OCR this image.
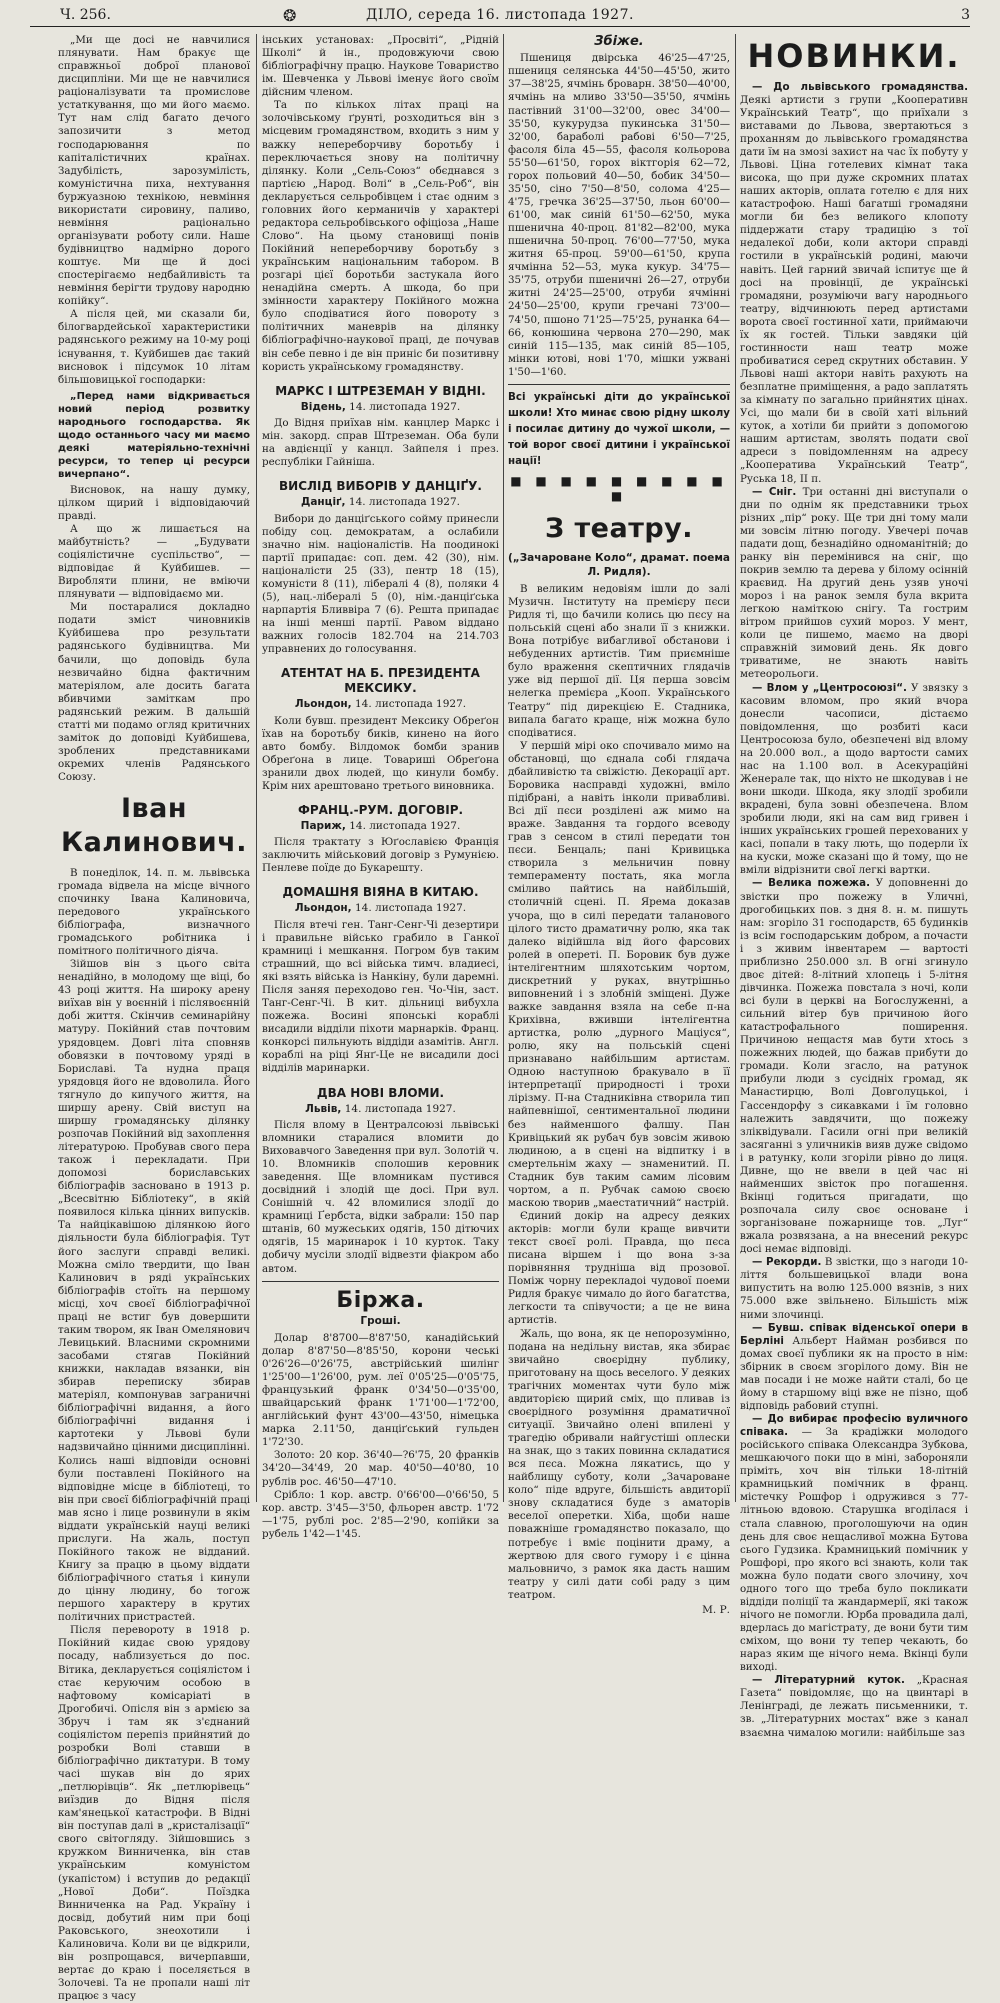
Ч. 256.	❂	ДІЛО, середа 16. листопада 1927.	3

„Ми ще досі не навчилися плянувати. Нам бракує ще справжньої доброї планової дисципліни. Ми ще не навчилися раціоналізувати та промислове устаткування, що ми його маємо. Тут нам слід багато дечого запозичити з метод господарювання по капіталістичних країнах. Задубілість, зарозумілість, комуністична пиха, нехтування буржуазною технікою, невміння використати сировину, паливо, невміння раціонально організувати роботу сили. Наше будівництво надмірно дорого коштує. Ми ще й досі спостерігаємо недбайливість та невміння берігти трудову народню копійку“.

А після цей, ми сказали би, білогвардейської характеристики радянського режиму на 10-му році існування, т. Куйбишев дає такий висновок і підсумок 10 літам більшовицької господарки:

„Перед нами відкривається новий період розвитку народнього господарства. Як щодо останнього часу ми маємо деякі матеріяльно-технічні ресурси, то тепер ці ресурси вичерпано“.

Висновок, на нашу думку, цілком щирий і відповідаючий правді.

А що ж лишається на майбутність? — „Будувати соціялістичне суспільство“, — відповідає й Куйбишев. — Виробляти плини, не вміючи плянувати — відповідаємо ми.

Ми постаралися докладно подати зміст чиновників Куйбишева про результати радянського будівництва. Ми бачили, що доповідь була незвичайно бідна фактичним матеріялом, але досить багата вбивчими заміткам про радянський режим. В дальшій статті ми подамо огляд критичних заміток до доповіді Куйбишева, зроблених представниками окремих членів Радянського Союзу.

Іван Калинович.

В понеділок, 14. п. м. львівська громада відвела на місце вічного спочинку Івана Калиновича, передового українського бібліографа, визначного громадського робітника і помітного політичного діяча.

Зійшов він з цього світа ненадійно, в молодому ще віці, бо 43 році життя. На широку арену виїхав він у воєнній і післявоєнній добі життя. Скінчив семинарійну матуру. Покійний став почтовим урядовцем. Довгі літа сповняв обовязки в почтовому уряді в Бориславі. Та нудна праця урядовця його не вдоволила. Його тягнуло до кипучого життя, на ширшу арену. Свій виступ на ширшу громадянську ділянку розпочав Покійний від захоплення літературою. Пробував свого пера також і перекладати. При допомозі бориславських бібліографів засновано в 1913 р. „Всесвітню Бібліотеку“, в якій появилося кілька цінних випусків. Та найцікавішою ділянкою його діяльности була бібліографія. Тут його заслуги справді великі. Можна сміло твердити, що Іван Калинович в ряді українських бібліографів стоїть на першому місці, хоч своєї бібліографічної праці не встиг був довершити таким твором, як Іван Омелянович Левицький. Власними скромними засобами стягав Покійний книжки, накладав вязанки, він збирав переписку збирав матеріял, компонував заграничні бібліографічні видання, а його бібліографічні видання і картотеки у Львові були надзвичайно цінними дисциплінні. Колись наші відповіди основні були поставлені Покійного на відповідне місце в бібліотеці, то він при своєї бібліографічній праці мав ясно і лице розвинули в якім віддати українській науці великі прислуги. На жаль, поступ Покійного також не відданий. Книгу за працю в цьому віддати бібліографічного статья і кинули до цінну людину, бо тогож першого характеру в крутих політичних пристрастей.

Після перевороту в 1918 р. Покійний кидає свою урядову посаду, наблизується до пос. Вітика, декларується соціялістом і стає керуючим особою в нафтовому комісаріаті в Дрогобичі. Опісля він з армією за Збруч і там як з'єднаний соціялістом перепіз прийнятий до розробки Волі ставши в бібліографічно диктатури. В тому часі шукав він до ярих „петлюрівців“. Як „петлюрівець“ виїздив до Відня після кам'янецької катастрофи. В Відні він поступав далі в „кристалізації“ свого світогляду. Зійшовшись з кружком Винниченка, він став українським комуністом (укапістом) і вступив до редакції „Нової Доби“. Поїздка Винниченка на Рад. Україну і досвід, добутий ним при боці Раковського, знеохотили і Калиновича. Коли ви це відкрили, він розпрощався, вичерпавши, вертає до краю і поселяється в Золочеві. Та не пропали наші літ працює з часу

інських установах: „Просвіті“, „Рідній Школі“ й ін., продовжуючи свою бібліографічну працю. Наукове Товариство ім. Шевченка у Львові іменує його своїм дійсним членом.

Та по кількох літах праці на золочівському ґрунті, розходиться він з місцевим громадянством, входить з ним у важку непереборчиву боротьбу і переключається знову на політичну ділянку. Коли „Сель-Союз“ обєднався з партією „Народ. Волі“ в „Сель-Роб“, він декларується сельробівцем і стає одним з головних його керманичів у характері редактора сельробівського офіціоза „Наше Слово“. На цьому становищі понів Покійний непереборчиву боротьбу з українським національним табором. В розгарі цієї боротьби застукала його ненадійна смерть. А шкода, бо при змінности характеру Покійного можна було сподіватися його повороту з політичних маневрів на ділянку бібліографічно-наукової праці, де почував він себе певно і де він приніс би позитивну користь українському громадянству.

МАРКС І ШТРЕЗЕМАН У ВІДНІ.
Відень, 14. листопада 1927.

До Відня приїхав нім. канцлер Маркс і мін. закорд. справ Штреземан. Оба були на авдієнції у канцл. Зайпеля і през. республіки Гайніша.

ВИСЛІД ВИБОРІВ У ДАНЦІҐУ.
Данціґ, 14. листопада 1927.

Вибори до данціґського сойму принесли побіду соц. демократам, а ослабили значно нім. націоналістів. На поодинокі партії припадає: соп. дем. 42 (30), нім. націоналісти 25 (33), пентр 18 (15), комуністи 8 (11), лібералі 4 (8), поляки 4 (5), нац.-лібералі 5 (0), нім.-данціґська нарпартія Бливвіра 7 (6). Решта припадає на інші менші партії. Равом віддано важних голосів 182.704 на 214.703 управнених до голосування.

АТЕНТАТ НА Б. ПРЕЗИДЕНТА МЕКСИКУ.
Льондон, 14. листопада 1927.

Коли бувш. президент Мексику Обреґон їхав на боротьбу биків, кинено на його авто бомбу. Вілдомок бомби зранив Обреґона в лице. Товариші Обреґона зранили двох людей, що кинули бомбу. Крім них арештовано третього виновника.

ФРАНЦ.-РУМ. ДОГОВІР.
Париж, 14. листопада 1927.

Після трактату з Юґославією Франція заключить мійськовий договір з Румунією. Пенлеве поїде до Букарешту.

ДОМАШНЯ ВІЯНА В КИТАЮ.
Льондон, 14. листопада 1927.

Після втечі ген. Танг-Сенг-Чі дезертири і правильне військо грабило в Ганкої крамниці і мешкання. Погром був таким страшний, що всі війська тимч. владиесі, які взять війська із Нанкіну, були даремні. Після заняя переходово ген. Чо-Чін, заст. Танг-Сенг-Чі. В кит. дільниці вибухла пожежа. Восині японські кораблі висадили відділи піхоти марнарків. Франц. конкорсі пильнують віддіди азамітів. Англ. кораблі на ріці Янґ-Це не висадили досі відділів маринарки.

ДВА НОВІ ВЛОМИ.
Львів, 14. листопада 1927.

Після влому в Централсоюзі львівські вломники старалися вломити до Виховавчого Заведення при вул. Золотій ч. 10. Вломників сполошив керовник заведення. Ще вломникам пустився досвідний і злодій ще досі. При вул. Сонішній ч. 42 вломилися злодії до крамниці Ґербста, відки забрали: 150 пар штанів, 60 мужеських одягів, 150 дітючих одягів, 15 маринарок і 10 курток. Таку добичу мусіли злодії відвезти фіакром або автом.

Біржа.
Гроші.

Долар 8'8700—8'87'50, канадійський долар 8'87'50—8'85'50, корони чеські 0'26'26—0'26'75, австрійський шилінг 1'25'00—1'26'00, рум. леї 0'05'25—0'05'75, французький франк 0'34'50—0'35'00, швайцарський франк 1'71'00—1'72'00, англійський фунт 43'00—43'50, німецька марка 2.11'50, данціґський гульден 1'72'30.

Золото: 20 кор. 36'40—?6'75, 20 франків 34'20—34'49, 20 мар. 40'50—40'80, 10 рублів рос. 46'50—47'10.

Срібло: 1 кор. австр. 0'66'00—0'66'50, 5 кор. австр. 3'45—3'50, фльорен австр. 1'72—1'75, рублі рос. 2'85—2'90, копійки за рубель 1'42—1'45.

Збіже.

Пшениця двірська 46'25—47'25, пшениця селянська 44'50—45'50, житo 37—38'25, ячмінь броварн. 38'50—40'00, ячмінь на мливо 33'50—35'50, ячмінь пастівний 31'00—32'00, овес 34'00—35'50, кукурудза пукинська 31'50—32'00, бараболі рабові 6'50—7'25, фасоля біла 45—55, фасоля кольорова 55'50—61'50, горох віктгорія 62—72, горох польовий 40—50, бобик 34'50—35'50, сіно 7'50—8'50, солома 4'25—4'75, гречка 36'25—37'50, льон 60'00—61'00, мак синій 61'50—62'50, мука пшенична 40-проц. 81'82—82'00, мука пшенична 50-проц. 76'00—77'50, мука житня 65-проц. 59'00—61'50, крупа ячмінна 52—53, мука кукур. 34'75—35'75, отруби пшеничні 26—27, отруби житні 24'25—25'00, отруби ячмінні 24'50—25'00, крупи гречані 73'00—74'50, пшоно 71'25—75'25, рунанка 64—66, конюшина червона 270—290, мак синій 115—135, мак синій 85—105, мінки ютові, нові 1'70, мішки ужвані 1'50—1'60.

Всі українські діти до української школи! Хто минає свою рідну школу і посилає дитину до чужої школи, — той ворог своєї дитини і української нації!
■ ■ ■ ■ ■ ■ ■ ■ ■ ■
З театру.
(„Зачароване Коло“, драмат. поема Л. Ридля).

В великим недовіям ішли до залі Музичн. Інституту на премієру пєси Ридля ті, що бачили колись цю пєсу на польській сцені або знали її з книжки. Вона потрібує вибагливої обстанови і небуденних артистів. Тим приємніше було враження скептичних глядачів уже від першої дії. Ця перша зовсім нелегка премієра „Кооп. Українського Театру“ під дирекцією Е. Стадника, випала багато краще, ніж можна було сподіватися.

У першій мірі око спочивало мимо на обстановці, що єднала собі глядача дбайливістю та свіжістю. Декорації арт. Боровика насправді художні, вміло підібрані, а навіть інколи привабливі. Всі дії пєси розділені аж мимо на враже. Завдання та гордого всеводу грав з сенсом в стилі передати тон пєси. Бенцаль; пані Кривицька створила з мельничин повну темпераменту постать, яка могла сміливо пайтись на найбільшій, столичній сцені. П. Ярема доказав учора, що в силі передати таланового цілого тисто драматичну ролю, яка так далеко відійшла від його фарсових ролей в опереті. П. Боровик був дуже інтелігентним шляхотським чортом, дискретний у руках, внутрішньо виповнений і з злобній зміщені. Дуже важке завдання взяла на себе п-на Крихівна, вживши інтелігентна артистка, ролю „дурного Маціуся“, ролю, яку на польській сцені признавано найбільшим артистам. Одною наступною бракувало в її інтерпретації природності і трохи лірізму. П-на Стадниківна створила тип найпевнішої, сентиментальної людини без найменшого фалшу. Пан Кривіцький як рубач був зовсім живою людиною, а в сцені на відпитку і в смертельнім жаху — знаменитий. П. Стадник був таким самим лісовим чортом, а п. Рубчак самою своєю маскою творив „маестатичний“ настрій.

Єдиний докір на адресу деяких акторів: могли були краще вивчити текст своєї ролі. Правда, що пєса писана віршем і що вона з-за порівняння трудніша від прозової. Поміж чорну перекладоі чудової поеми Ридля бракує чимало до його багатства, легкости та співучости; а це не вина артистів.

Жаль, що вона, як це непорозумінно, подана на недільну вистав, яка збирає звичайно своєрідну публику, приготовану на щось веселого. У деяких трагічних моментах чути було між авдиторією щирий сміх, що пливав із своєрідного розуміння драматичної ситуації. Звичайно олені впилені у трагедію обривали найгустіші оплески на знак, що з таких повинна складатися вся пєса. Можна лякатись, що у найблищу суботу, коли „Зачароване коло“ піде вдруге, більшість авдиторії знову складатися буде з аматорів веселої оперетки. Хіба, щоби наше поважніше громадянство показало, що потребує і вміє поцінити драму, а жертвою для свого гумору і є цінна мальовничо, з рамок яка дасть нашим театру у силі дати собі раду з цим театром.

М. Р.
НОВИНКИ.

— До львівського громадянства. Деякі артисти з групи „Кооперативн Український Театр“, що приїхали з виставами до Львова, звертаються з проханням до львівського громадянства дати їм на змозі захист на час їх побуту у Львові. Ціна готелевих кімнат така висока, що при дуже скромних платах наших акторів, оплата готелю є для них катастрофою. Наші багатші громадяни могли би без великого клопоту піддержати стару традицію з тої недалекої доби, коли актори справді гостили в українській родині, маючи навіть. Цей гарний звичай іспитує ще й досі на провінції, де українські громадяни, розуміючи вагу народнього театру, відчинюють перед артистами ворота своєї гостинної хати, приймаючи їх як гостей. Тільки завдяки цій гостинности наш театр може пробиватися серед скрутних обставин. У Львові наші актори навіть рахують на безплатне приміщення, а радо заплатять за кімнату по загально прийнятих цінах. Усі, що мали би в своїй хаті вільний куток, а хотіли би прийти з допомогою нашим артистам, зволять подати свої адреси з повідомленням на адресу „Кооператива Український Театр“, Руська 18, II п.

— Сніг. Три останні дні виступали о дни по однім як представники трьох різних „пір“ року. Ще три дні тому мали ми зовсім літню погоду. Увечері почав падати дощ, безнадійно одноманітній; до ранку він перемінився на сніг, що покрив землю та дерева у білому осінній краєвид. На другий день узяв уночі мороз і на ранок земля була вкрита легкою наміткою снігу. Та гострим вітром прийшов сухий мороз. У мент, коли це пишемо, маємо на дворі справжній зимовий день. Як довго триватиме, не знають навіть метеорольоги.

— Влом у „Центросоюзі“. У звязку з касовим вломом, про який вчора донесли часописи, дістаємо повідомлення, що розбиті каси Центросоюза було, обезпечені від влому на 20.000 вол., а щодо вартости самих нас на 1.100 вол. в Асекураційні Женерале так, що ніхто не шкодував і не вони шкоди. Шкода, яку злодії зробили вкрадені, була зовні обезпечена. Влом зробили люди, які на сам вид гривен і інших українських грошей перехованих у касі, попали в таку лють, що подерли їх на куски, може сказані що й тому, що не вміли відрізнити свої легкі вартки.

— Велика пожежа. У доповненні до звістки про пожежу в Уличні, дрогобицьких пов. з дня 8. н. м. пишуть нам: згоріло 31 господарств, 65 будинків із всім господарським добром, а почасти і з живим інвентарем — вартості приблизно 250.000 зл. В огні згинуло двоє дітей: 8-літний хлопець і 5-літня дівчинка. Пожежа повстала з ночі, коли всі були в церкві на Богослуженні, а сильний вітер був причиною його катастрофального поширення. Причиною нещастя мав бути хтось з пожежних людей, що бажав прибути до громади. Коли згасло, на ратунок прибули люди з сусідніх громад, як Манастирцю, Волі Довголуцькоі, і Гассендорфу з сикавками і їм головно належить завдячити, що пожежу зліквідували. Гасили огні при великій засяганні з уличників вияв дуже свідомо і в ратунку, коли згоріли рівно до лиця. Дивне, що не ввели в цей час ні найменших звісток про погашення. Вкінці годиться пригадати, що розпочала силу своє основане і зорганізоване пожарнище тов. „Луг“ вжала розвязана, а на внесений рекурс досі немає відповіді.

— Рекорди. В звістки, що з нагоди 10-ліття большевицької влади вона випустить на волю 125.000 вязнів, з них 75.000 вже звільнено. Більшість між ними злочинці.

— Бувш. співак віденської опери в Берліні Альберт Найман розбився по домах своєї публики як на просто в нім: збірник в своєм згорілого дому. Він не мав посади і не може найти сталі, бо це йому в старшому віці вже не пізно, щоб відповідь рабовий ступні.

— До вибирає професію вуличного співака. — За крадіжки молодого російського співака Олександра Зубкова, мешкаючого поки що в міні, забороняли пріміть, хоч він тільки 18-літній крамницький помічник в франц. містечку Рошфор і одружився з 77-літньою вдовою. Старушка вгоділася і стала славною, проголошуючи на один день для своє нещасливої можна Бутова сього Гудзика. Крамницький помічник у Рошфорі, про якого всі знають, коли так можна було подати свого злочину, хоч одного того що треба було покликати віддіди поліції та жандармерії, які також нічого не помогли. Юрба провадила далі, вдерлась до магістрату, де вони бути тим сміхом, що вони ту тепер чекають, бо нараз яким ще нічого нема. Вкінці були виході.

— Літературний куток. „Красная Газета“ повідомляє, що на цвинтарі в Ленінграді, де лежать письменники, т. зв. „Літературних мостах“ вже з канал взаємна чималою могили: найбільше заз
